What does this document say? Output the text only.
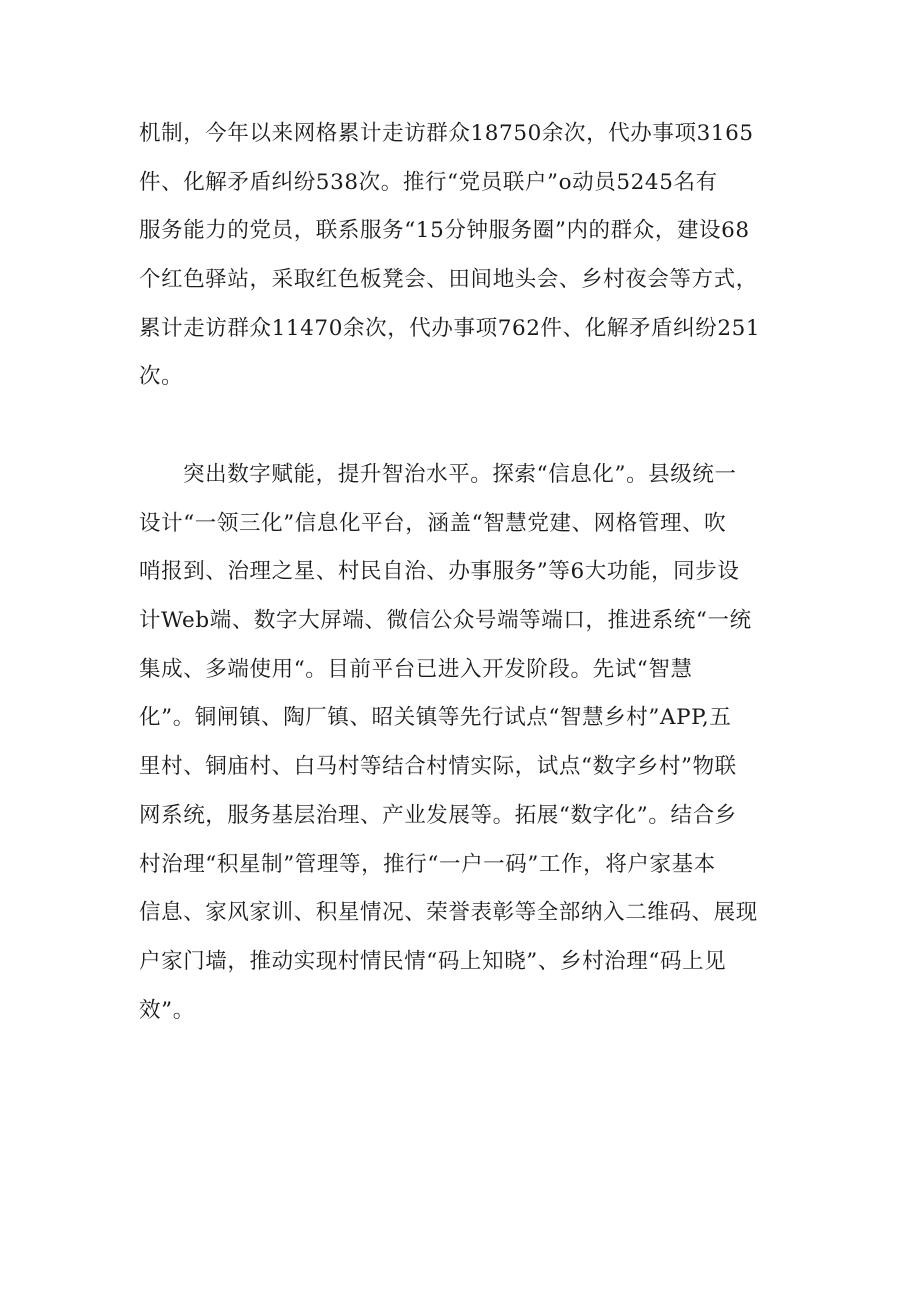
机制，今年以来网格累计走访群众18750余次，代办事项3165
件、化解矛盾纠纷538次。推行“党员联户”o动员5245名有
服务能力的党员，联系服务“15分钟服务圈”内的群众，建设68
个红色驿站，采取红色板凳会、田间地头会、乡村夜会等方式，
累计走访群众11470余次，代办事项762件、化解矛盾纠纷251
次。

突出数字赋能，提升智治水平。探索“信息化”。县级统一
设计“一领三化”信息化平台，涵盖“智慧党建、网格管理、吹
哨报到、治理之星、村民自治、办事服务”等6大功能，同步设
计Web端、数字大屏端、微信公众号端等端口，推进系统“一统
集成、多端使用“。目前平台已进入开发阶段。先试“智慧
化”。铜闸镇、陶厂镇、昭关镇等先行试点“智慧乡村”APP,五
里村、铜庙村、白马村等结合村情实际，试点“数字乡村”物联
网系统，服务基层治理、产业发展等。拓展“数字化”。结合乡
村治理“积星制”管理等，推行“一户一码”工作，将户家基本
信息、家风家训、积星情况、荣誉表彰等全部纳入二维码、展现
户家门墙，推动实现村情民情“码上知晓”、乡村治理“码上见
效”。
